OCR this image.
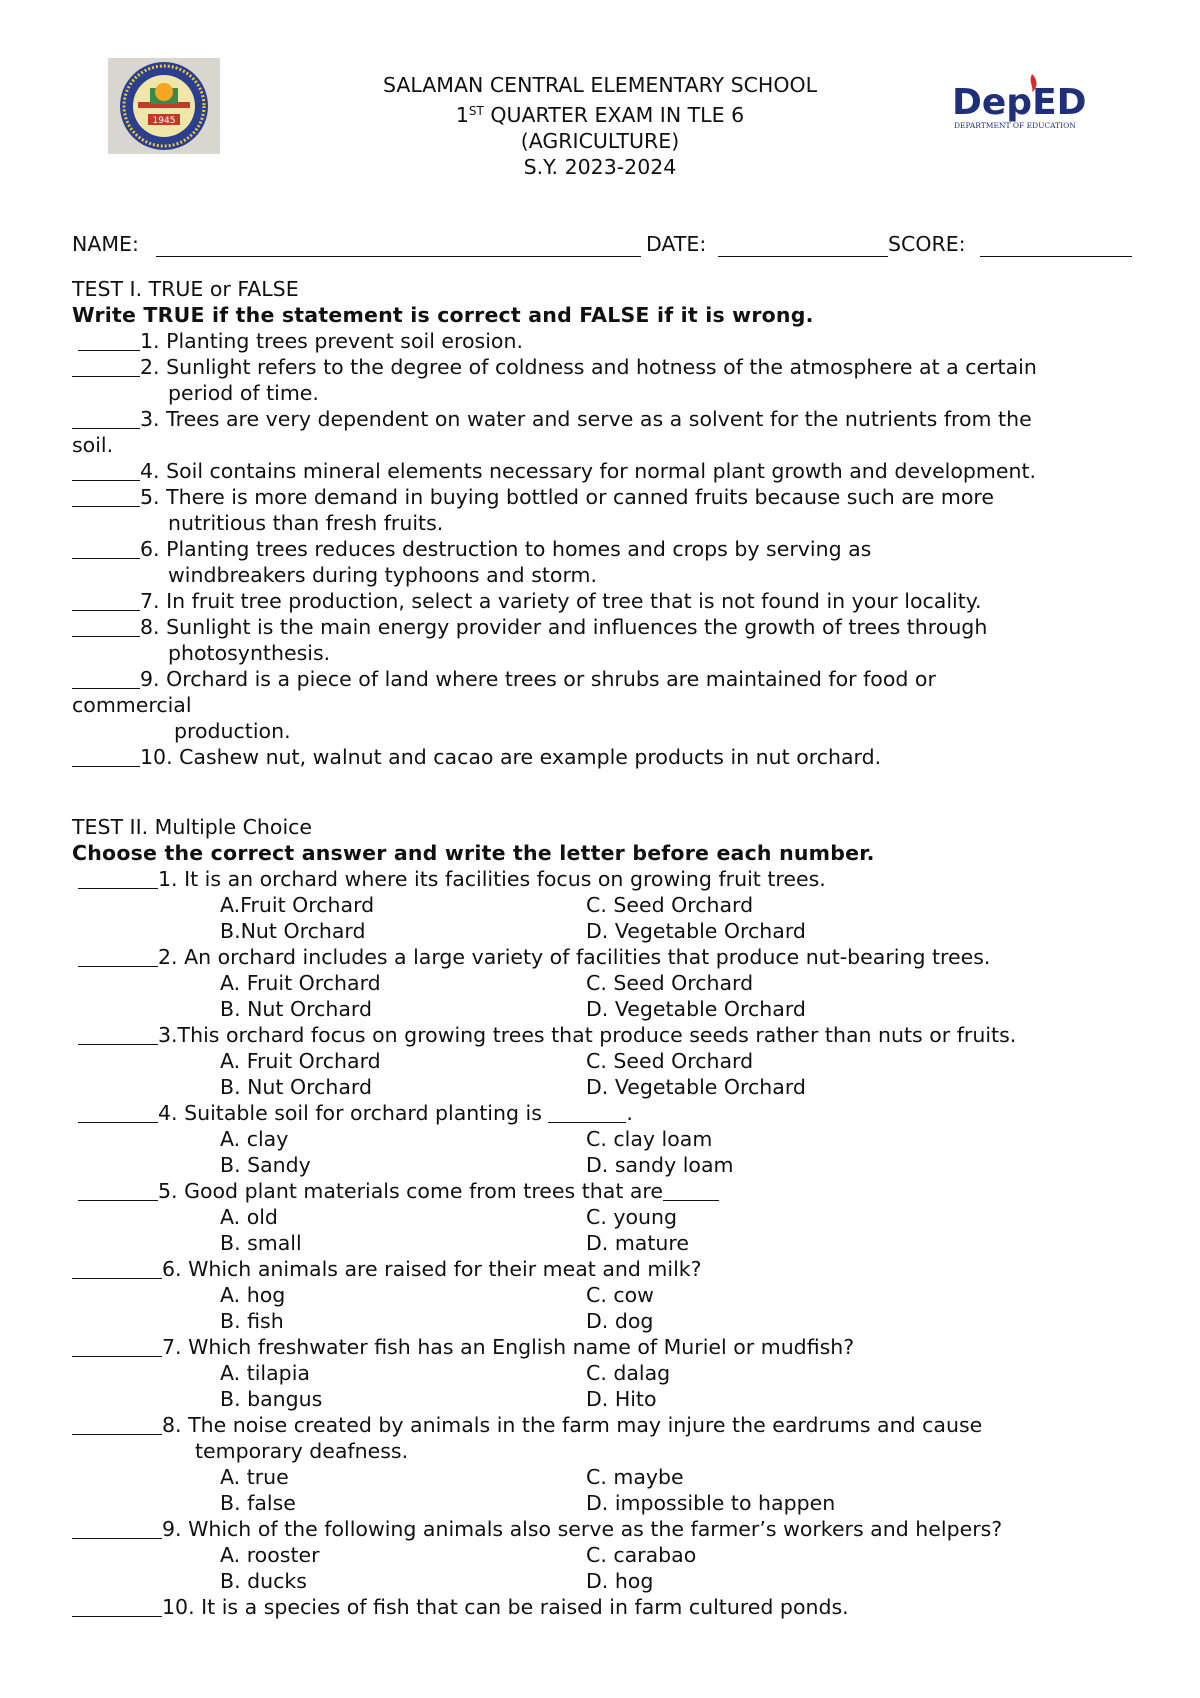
1945	DepED
DEPARTMENT OF EDUCATION
SALAMAN CENTRAL ELEMENTARY SCHOOL
1ST QUARTER EXAM IN TLE 6
(AGRICULTURE)
S.Y. 2023-2024
NAME:	DATE:	SCORE:
TEST I. TRUE or FALSE
Write TRUE if the statement is correct and FALSE if it is wrong.
1. Planting trees prevent soil erosion.
2. Sunlight refers to the degree of coldness and hotness of the atmosphere at a certain
period of time.
3. Trees are very dependent on water and serve as a solvent for the nutrients from the
soil.
4. Soil contains mineral elements necessary for normal plant growth and development.
5. There is more demand in buying bottled or canned fruits because such are more
nutritious than fresh fruits.
6. Planting trees reduces destruction to homes and crops by serving as
windbreakers during typhoons and storm.
7. In fruit tree production, select a variety of tree that is not found in your locality.
8. Sunlight is the main energy provider and influences the growth of trees through
photosynthesis.
9. Orchard is a piece of land where trees or shrubs are maintained for food or
commercial
production.
10. Cashew nut, walnut and cacao are example products in nut orchard.
TEST II. Multiple Choice
Choose the correct answer and write the letter before each number.
1. It is an orchard where its facilities focus on growing fruit trees.
A.Fruit Orchard	C. Seed Orchard
B.Nut Orchard	D. Vegetable Orchard
2. An orchard includes a large variety of facilities that produce nut-bearing trees.
A. Fruit Orchard	C. Seed Orchard
B. Nut Orchard	D. Vegetable Orchard
3.This orchard focus on growing trees that produce seeds rather than nuts or fruits.
A. Fruit Orchard	C. Seed Orchard
B. Nut Orchard	D. Vegetable Orchard
4. Suitable soil for orchard planting is	.
A. clay	C. clay loam
B. Sandy	D. sandy loam
5. Good plant materials come from trees that are
A. old	C. young
B. small	D. mature
6. Which animals are raised for their meat and milk?
A. hog	C. cow
B. fish	D. dog
7. Which freshwater fish has an English name of Muriel or mudfish?
A. tilapia	C. dalag
B. bangus	D. Hito
8. The noise created by animals in the farm may injure the eardrums and cause
temporary deafness.
A. true	C. maybe
B. false	D. impossible to happen
9. Which of the following animals also serve as the farmer’s workers and helpers?
A. rooster	C. carabao
B. ducks	D. hog
10. It is a species of fish that can be raised in farm cultured ponds.
